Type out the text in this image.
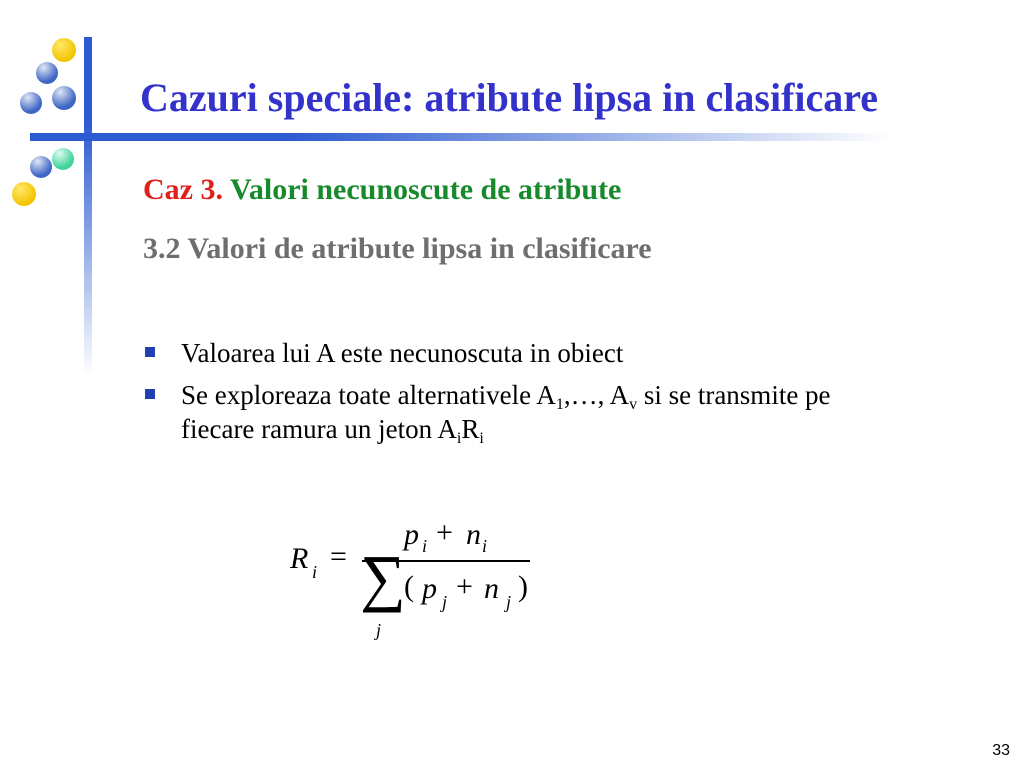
Cazuri speciale: atribute lipsa in clasificare
Caz 3. Valori necunoscute de atribute
3.2 Valori de atribute lipsa in clasificare
Valoarea lui A este necunoscuta in obiect
Se exploreaza toate alternativele $A_1,\dots$, $A_v$ si se transmite pe fiecare ramura un jeton $A_iR_i$
R i =
p i + n i
∑
j
( p j + n j )
33
